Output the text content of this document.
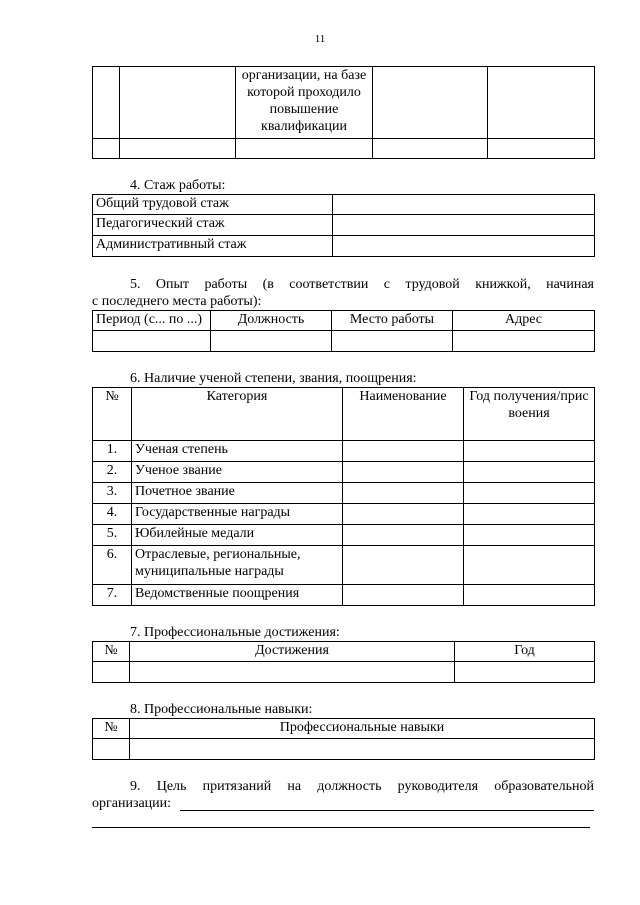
11
		организации, на базе которой проходило повышение квалификации		

4. Стаж работы:
Общий трудовой стаж	
Педагогический стаж	
Административный стаж	
5. Опыт работы (в соответствии с трудовой книжкой, начиная
с последнего места работы):
Период (с... по ...)	Должность	Место работы	Адрес

6. Наличие ученой степени, звания, поощрения:
№	Категория	Наименование	Год получения/присвоения
1.	Ученая степень		
2.	Ученое звание		
3.	Почетное звание		
4.	Государственные награды		
5.	Юбилейные медали		
6.	Отраслевые, региональные, муниципальные награды		
7.	Ведомственные поощрения		
7. Профессиональные достижения:
№	Достижения	Год

8. Профессиональные навыки:
№	Профессиональные навыки

9. Цель притязаний на должность руководителя образовательной
организации:
